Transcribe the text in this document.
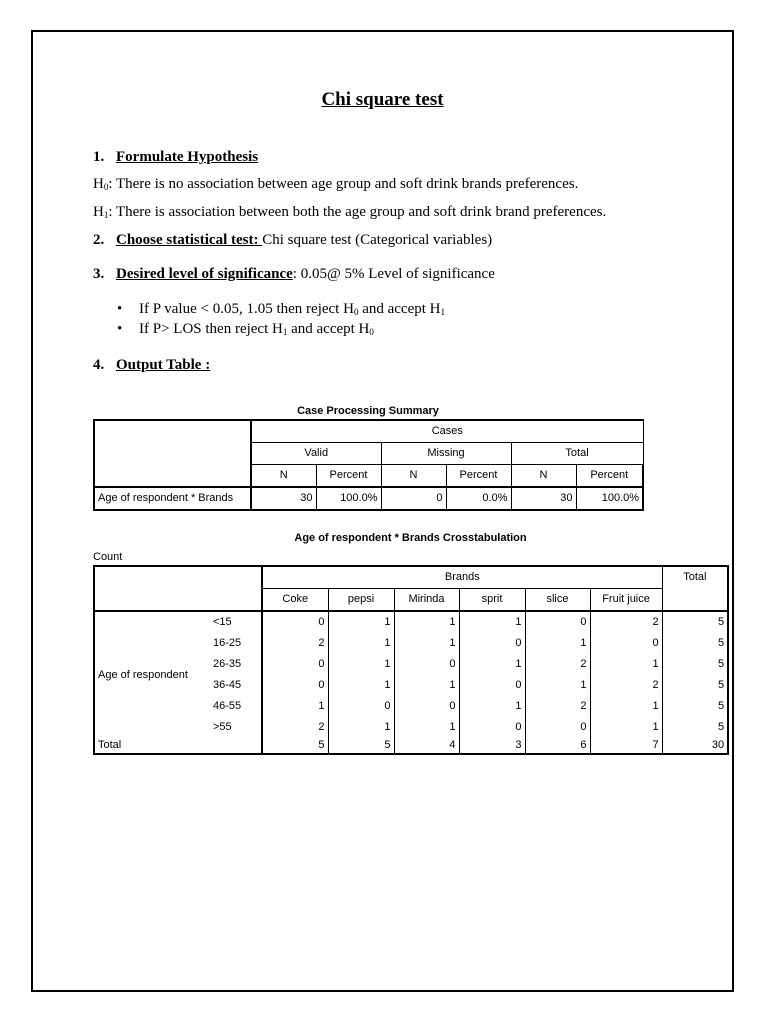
Chi square test
1. Formulate Hypothesis
$H_0$: There is no association between age group and soft drink brands preferences.
$H_1$: There is association between both the age group and soft drink brand preferences.
2. Choose statistical test: Chi square test (Categorical variables)
3. Desired level of significance: 0.05@ 5% Level of significance
• If P value < 0.05, 1.05 then reject $H_0$ and accept $H_1$
• If P> LOS then reject $H_1$ and accept $H_0$
4. Output Table :
Case Processing Summary
	Cases					
	Valid		Missing		Total	
	N	Percent	N	Percent	N	Percent
Age of respondent * Brands	30	100.0%	0	0.0%	30	100.0%
Age of respondent * Brands Crosstabulation
Count
		Brands						Total
		Coke	pepsi	Mirinda	sprit	slice	Fruit juice	
Age of respondent	<15	0	1	1	1	0	2	5
	16-25	2	1	1	0	1	0	5
	26-35	0	1	0	1	2	1	5
	36-45	0	1	1	0	1	2	5
	46-55	1	0	0	1	2	1	5
	>55	2	1	1	0	0	1	5
Total		5	5	4	3	6	7	30
